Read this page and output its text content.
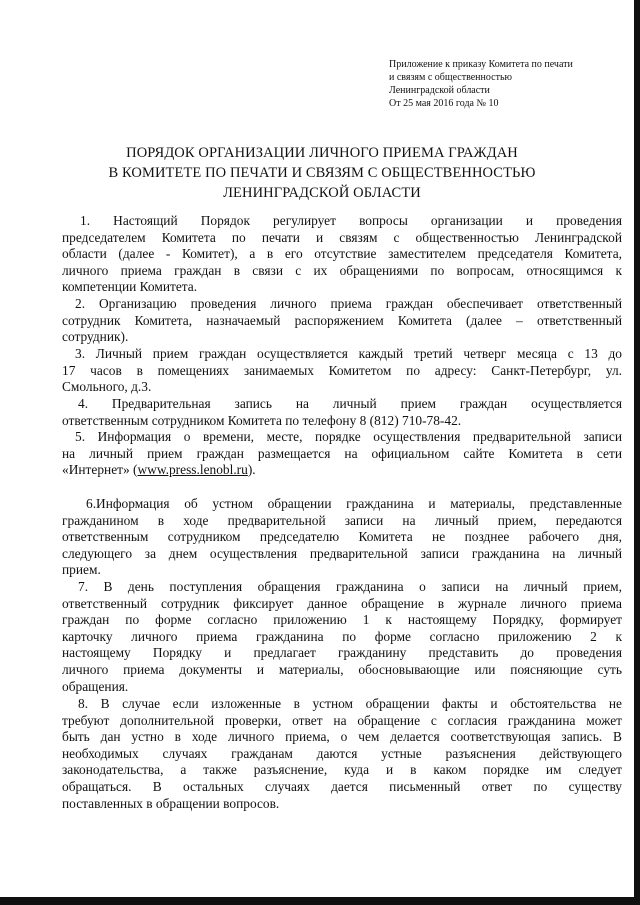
Приложение к приказу Комитета по печати
и связям с общественностью
Ленинградской области
От 25 мая 2016 года № 10
ПОРЯДОК ОРГАНИЗАЦИИ ЛИЧНОГО ПРИЕМА ГРАЖДАН
В КОМИТЕТЕ ПО ПЕЧАТИ И СВЯЗЯМ С ОБЩЕСТВЕННОСТЬЮ
ЛЕНИНГРАДСКОЙ ОБЛАСТИ
1. Настоящий Порядок регулирует вопросы организации и проведения
председателем Комитета по печати и связям с общественностью Ленинградской
области (далее - Комитет), а в его отсутствие заместителем председателя Комитета,
личного приема граждан в связи с их обращениями по вопросам, относящимся к
компетенции Комитета.
2. Организацию проведения личного приема граждан обеспечивает ответственный
сотрудник Комитета, назначаемый распоряжением Комитета (далее – ответственный
сотрудник).
3. Личный прием граждан осуществляется каждый третий четверг месяца с 13 до
17 часов в помещениях занимаемых Комитетом по адресу: Санкт-Петербург, ул.
Смольного, д.3.
4. Предварительная запись на личный прием граждан осуществляется
ответственным сотрудником Комитета по телефону 8 (812) 710-78-42.
5. Информация о времени, месте, порядке осуществления предварительной записи
на личный прием граждан размещается на официальном сайте Комитета в сети
«Интернет» (www.press.lenobl.ru).
6.Информация об устном обращении гражданина и материалы, представленные
гражданином в ходе предварительной записи на личный прием, передаются
ответственным сотрудником председателю Комитета не позднее рабочего дня,
следующего за днем осуществления предварительной записи гражданина на личный
прием.
7. В день поступления обращения гражданина о записи на личный прием,
ответственный сотрудник фиксирует данное обращение в журнале личного приема
граждан по форме согласно приложению 1 к настоящему Порядку, формирует
карточку личного приема гражданина по форме согласно приложению 2 к
настоящему Порядку и предлагает гражданину представить до проведения
личного приема документы и материалы, обосновывающие или поясняющие суть
обращения.
8. В случае если изложенные в устном обращении факты и обстоятельства не
требуют дополнительной проверки, ответ на обращение с согласия гражданина может
быть дан устно в ходе личного приема, о чем делается соответствующая запись. В
необходимых случаях гражданам даются устные разъяснения действующего
законодательства, а также разъяснение, куда и в каком порядке им следует
обращаться. В остальных случаях дается письменный ответ по существу
поставленных в обращении вопросов.
